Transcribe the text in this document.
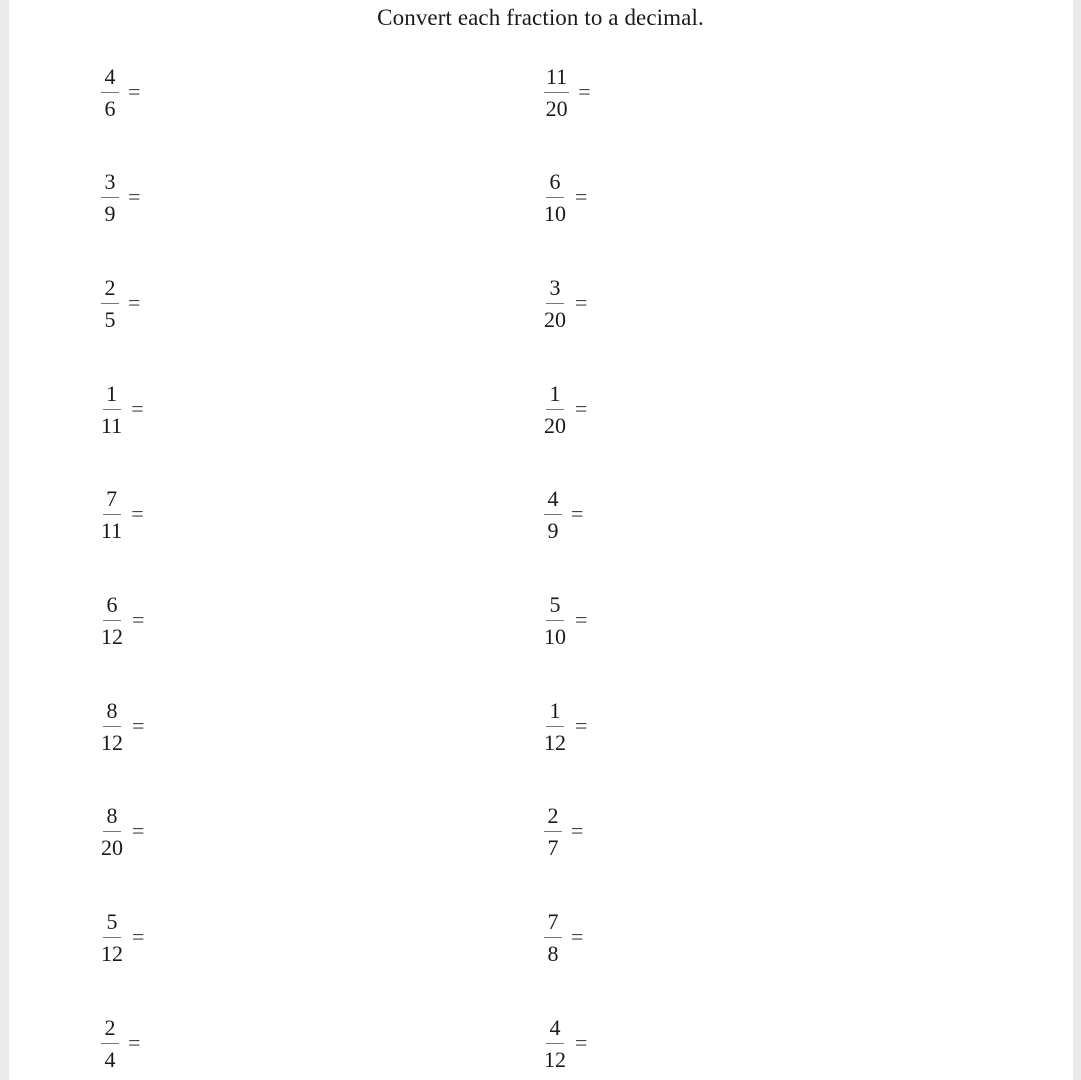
Convert each fraction to a decimal.
$\frac{4}{6}$ =
$\frac{3}{9}$ =
$\frac{2}{5}$ =
$\frac{1}{11}$ =
$\frac{7}{11}$ =
$\frac{6}{12}$ =
$\frac{8}{12}$ =
$\frac{8}{20}$ =
$\frac{5}{12}$ =
$\frac{2}{4}$ =
$\frac{11}{20}$ =
$\frac{6}{10}$ =
$\frac{3}{20}$ =
$\frac{1}{20}$ =
$\frac{4}{9}$ =
$\frac{5}{10}$ =
$\frac{1}{12}$ =
$\frac{2}{7}$ =
$\frac{7}{8}$ =
$\frac{4}{12}$ =
